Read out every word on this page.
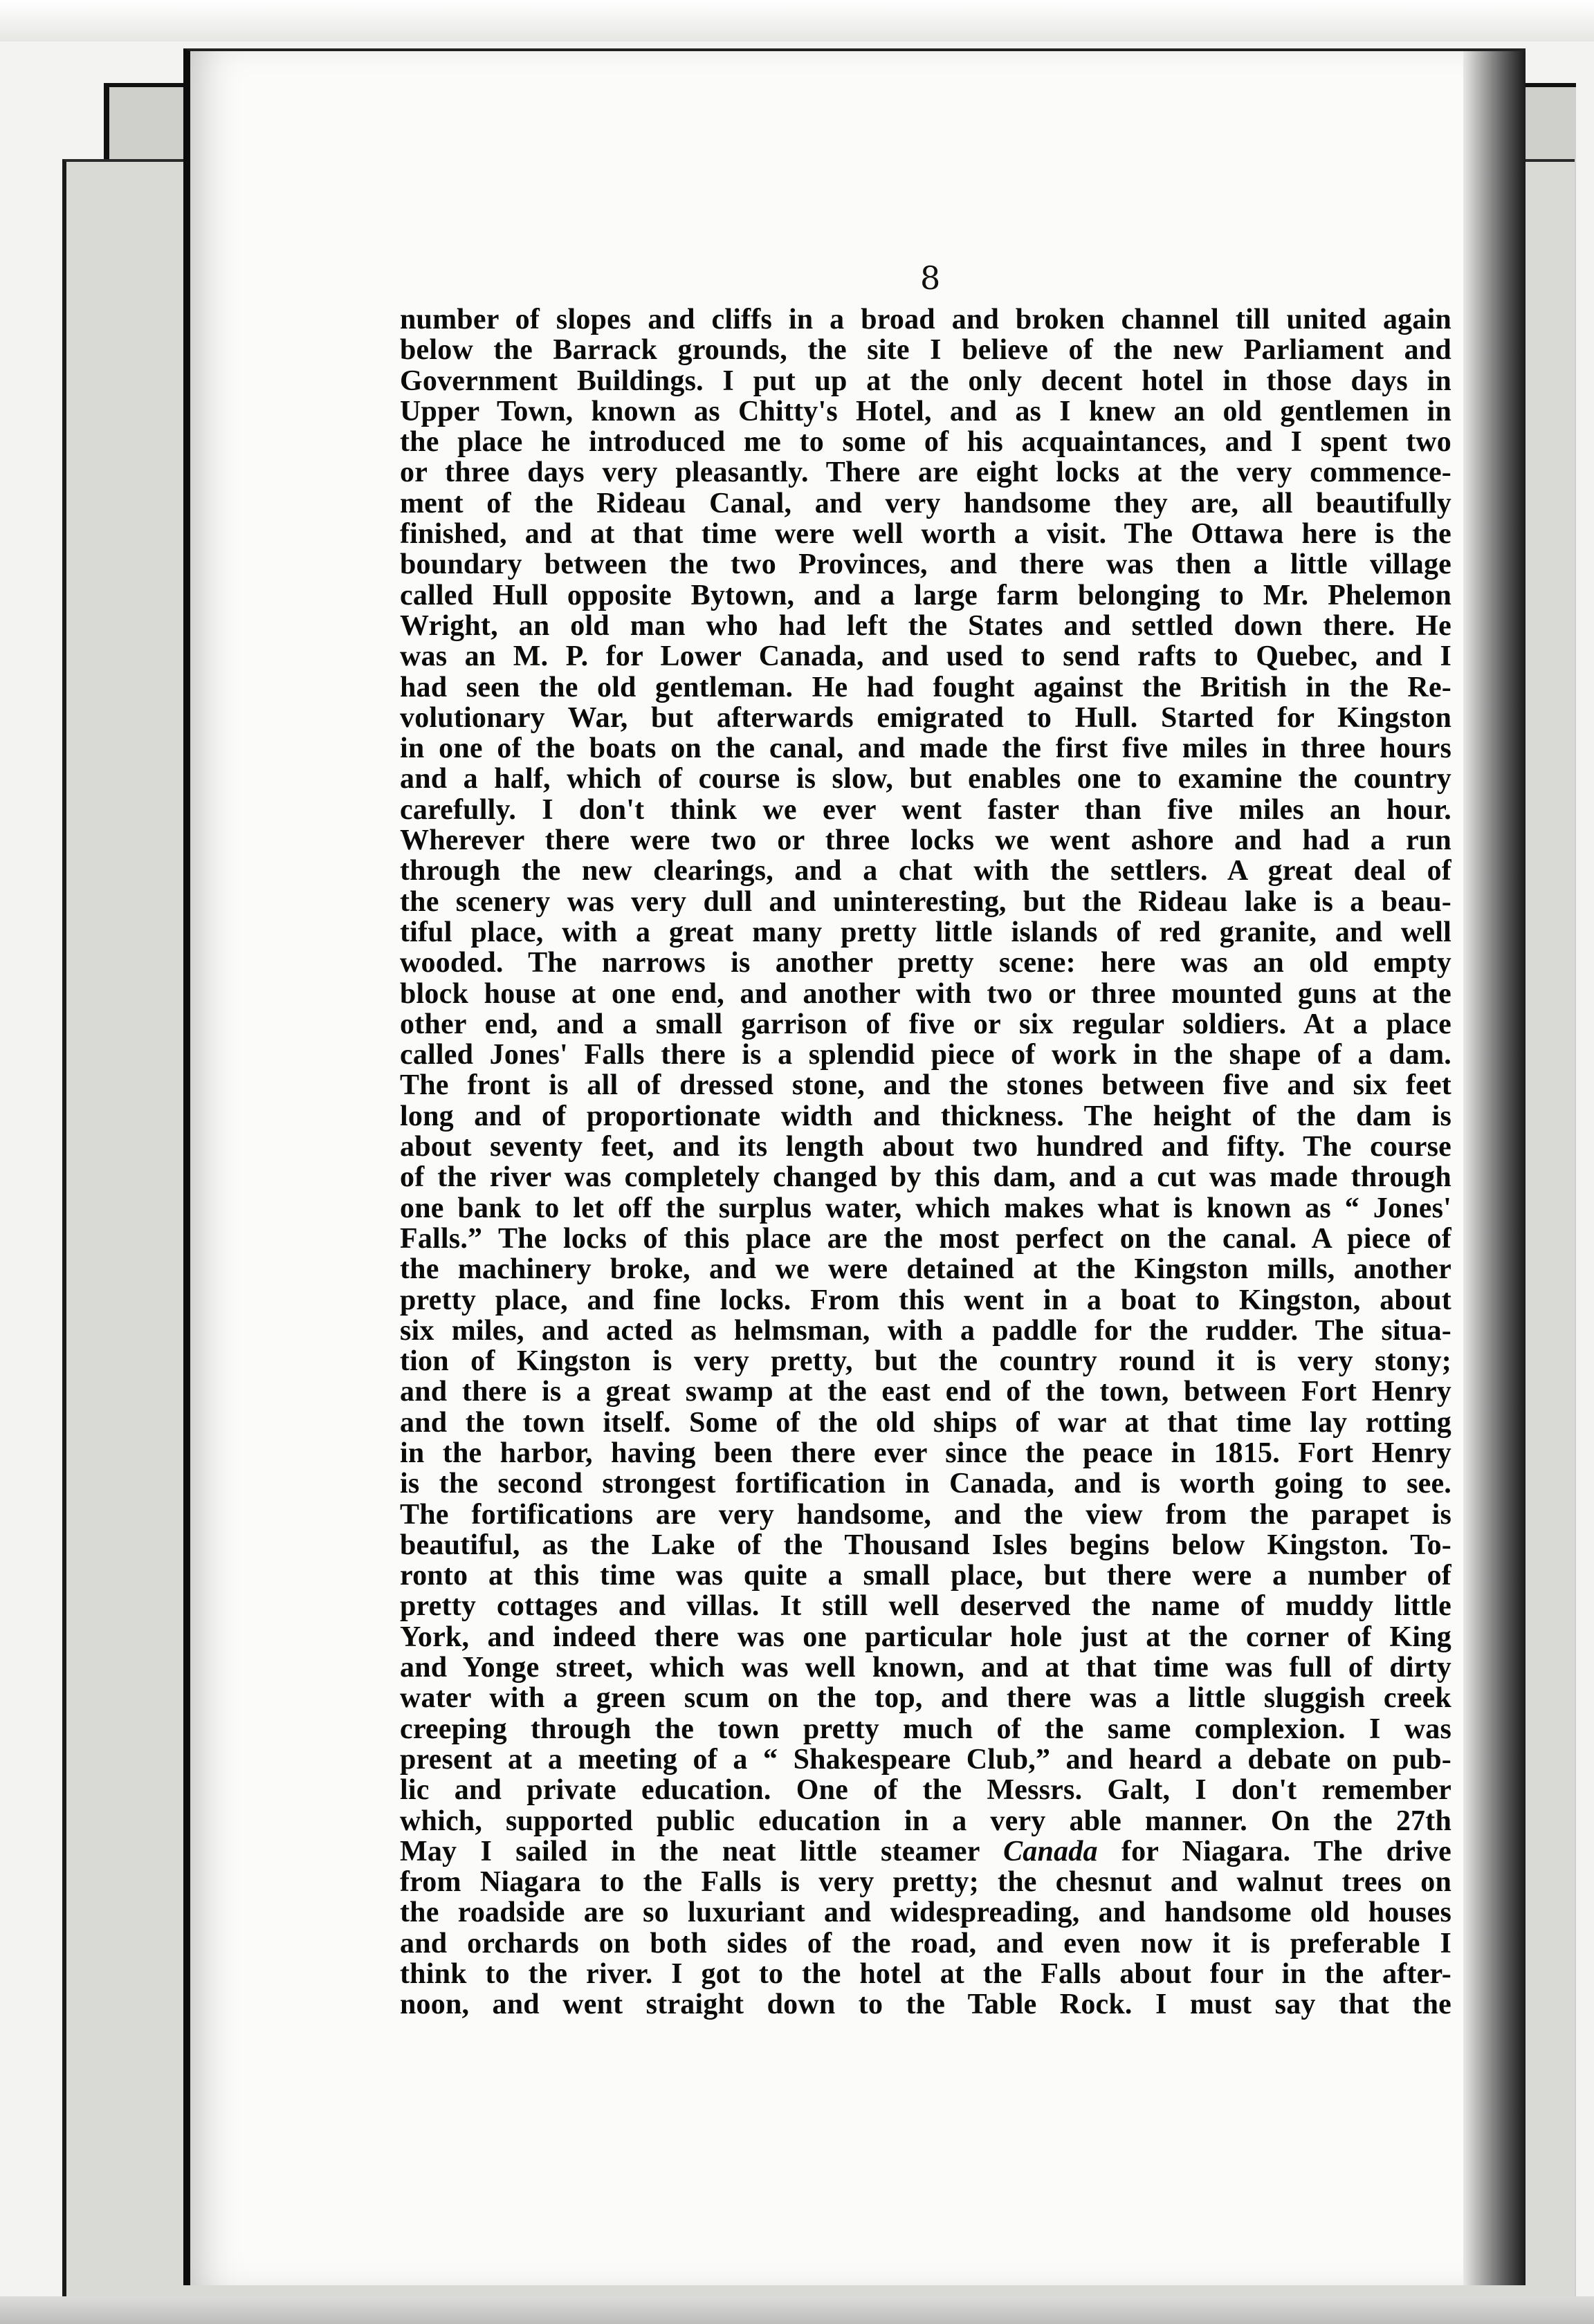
8
number of slopes and cliffs in a broad and broken channel till united again
below the Barrack grounds, the site I believe of the new Parliament and
Government Buildings. I put up at the only decent hotel in those days in
Upper Town, known as Chitty's Hotel, and as I knew an old gentlemen in
the place he introduced me to some of his acquaintances, and I spent two
or three days very pleasantly. There are eight locks at the very commence-
ment of the Rideau Canal, and very handsome they are, all beautifully
finished, and at that time were well worth a visit. The Ottawa here is the
boundary between the two Provinces, and there was then a little village
called Hull opposite Bytown, and a large farm belonging to Mr. Phelemon
Wright, an old man who had left the States and settled down there. He
was an M. P. for Lower Canada, and used to send rafts to Quebec, and I
had seen the old gentleman. He had fought against the British in the Re-
volutionary War, but afterwards emigrated to Hull. Started for Kingston
in one of the boats on the canal, and made the first five miles in three hours
and a half, which of course is slow, but enables one to examine the country
carefully. I don't think we ever went faster than five miles an hour.
Wherever there were two or three locks we went ashore and had a run
through the new clearings, and a chat with the settlers. A great deal of
the scenery was very dull and uninteresting, but the Rideau lake is a beau-
tiful place, with a great many pretty little islands of red granite, and well
wooded. The narrows is another pretty scene: here was an old empty
block house at one end, and another with two or three mounted guns at the
other end, and a small garrison of five or six regular soldiers. At a place
called Jones' Falls there is a splendid piece of work in the shape of a dam.
The front is all of dressed stone, and the stones between five and six feet
long and of proportionate width and thickness. The height of the dam is
about seventy feet, and its length about two hundred and fifty. The course
of the river was completely changed by this dam, and a cut was made through
one bank to let off the surplus water, which makes what is known as “ Jones'
Falls.” The locks of this place are the most perfect on the canal. A piece of
the machinery broke, and we were detained at the Kingston mills, another
pretty place, and fine locks. From this went in a boat to Kingston, about
six miles, and acted as helmsman, with a paddle for the rudder. The situa-
tion of Kingston is very pretty, but the country round it is very stony;
and there is a great swamp at the east end of the town, between Fort Henry
and the town itself. Some of the old ships of war at that time lay rotting
in the harbor, having been there ever since the peace in 1815. Fort Henry
is the second strongest fortification in Canada, and is worth going to see.
The fortifications are very handsome, and the view from the parapet is
beautiful, as the Lake of the Thousand Isles begins below Kingston. To-
ronto at this time was quite a small place, but there were a number of
pretty cottages and villas. It still well deserved the name of muddy little
York, and indeed there was one particular hole just at the corner of King
and Yonge street, which was well known, and at that time was full of dirty
water with a green scum on the top, and there was a little sluggish creek
creeping through the town pretty much of the same complexion. I was
present at a meeting of a “ Shakespeare Club,” and heard a debate on pub-
lic and private education. One of the Messrs. Galt, I don't remember
which, supported public education in a very able manner. On the 27th
May I sailed in the neat little steamer Canada for Niagara. The drive
from Niagara to the Falls is very pretty; the chesnut and walnut trees on
the roadside are so luxuriant and widespreading, and handsome old houses
and orchards on both sides of the road, and even now it is preferable I
think to the river. I got to the hotel at the Falls about four in the after-
noon, and went straight down to the Table Rock. I must say that the
